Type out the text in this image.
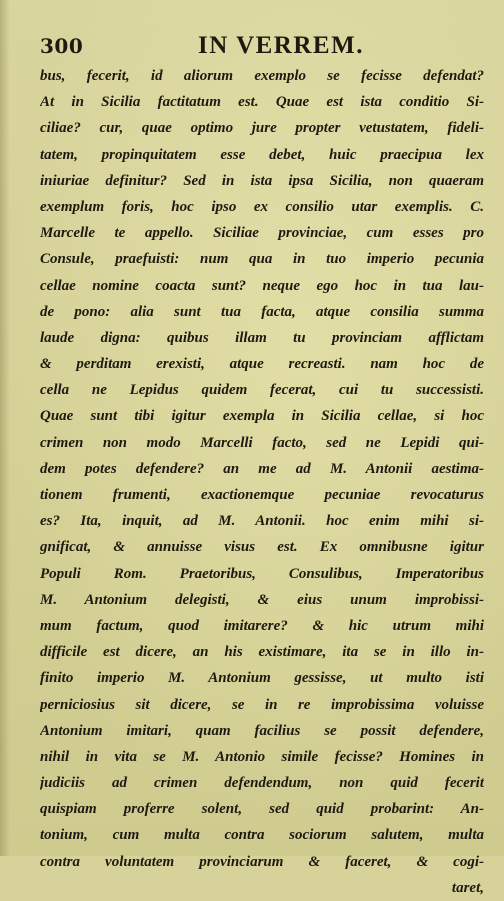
300	IN VERREM.
bus, fecerit, id aliorum exemplo se fecisse defendat?
At in Sicilia factitatum est. Quae est ista conditio Si-
ciliae? cur, quae optimo jure propter vetustatem, fideli-
tatem, propinquitatem esse debet, huic praecipua lex
iniuriae definitur? Sed in ista ipsa Sicilia, non quaeram
exemplum foris, hoc ipso ex consilio utar exemplis. C.
Marcelle te appello. Siciliae provinciae, cum esses pro
Consule, praefuisti: num qua in tuo imperio pecunia
cellae nomine coacta sunt? neque ego hoc in tua lau-
de pono: alia sunt tua facta, atque consilia summa
laude digna: quibus illam tu provinciam afflictam
& perditam erexisti, atque recreasti. nam hoc de
cella ne Lepidus quidem fecerat, cui tu successisti.
Quae sunt tibi igitur exempla in Sicilia cellae, si hoc
crimen non modo Marcelli facto, sed ne Lepidi qui-
dem potes defendere? an me ad M. Antonii aestima-
tionem frumenti, exactionemque pecuniae revocaturus
es? Ita, inquit, ad M. Antonii. hoc enim mihi si-
gnificat, & annuisse visus est. Ex omnibusne igitur
Populi Rom. Praetoribus, Consulibus, Imperatoribus
M. Antonium delegisti, & eius unum improbissi-
mum factum, quod imitarere? & hic utrum mihi
difficile est dicere, an his existimare, ita se in illo in-
finito imperio M. Antonium gessisse, ut multo isti
perniciosius sit dicere, se in re improbissima voluisse
Antonium imitari, quam facilius se possit defendere,
nihil in vita se M. Antonio simile fecisse? Homines in
judiciis ad crimen defendendum, non quid fecerit
quispiam proferre solent, sed quid probarint: An-
tonium, cum multa contra sociorum salutem, multa
contra voluntatem provinciarum & faceret, & cogi-
taret,
